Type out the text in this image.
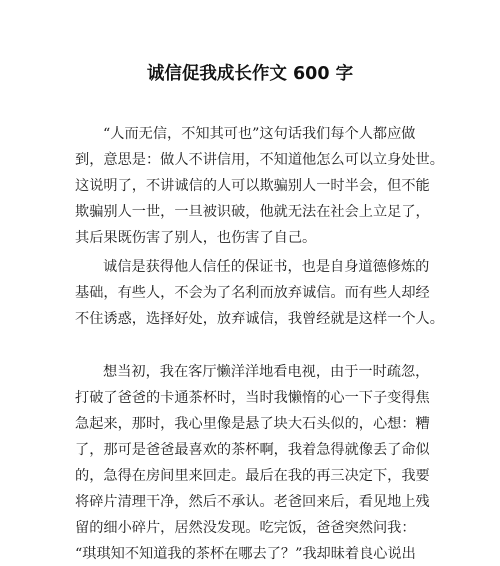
诚信促我成长作文 600 字
“人而无信，不知其可也”这句话我们每个人都应做
到，意思是：做人不讲信用，不知道他怎么可以立身处世。
这说明了，不讲诚信的人可以欺骗别人一时半会，但不能
欺骗别人一世，一旦被识破，他就无法在社会上立足了，
其后果既伤害了别人，也伤害了自己。
诚信是获得他人信任的保证书，也是自身道德修炼的
基础，有些人，不会为了名利而放弃诚信。而有些人却经
不住诱惑，选择好处，放弃诚信，我曾经就是这样一个人。
想当初，我在客厅懒洋洋地看电视，由于一时疏忽，
打破了爸爸的卡通茶杯时，当时我懒惰的心一下子变得焦
急起来，那时，我心里像是悬了块大石头似的，心想：糟
了，那可是爸爸最喜欢的茶杯啊，我着急得就像丢了命似
的，急得在房间里来回走。最后在我的再三决定下，我要
将碎片清理干净，然后不承认。老爸回来后，看见地上残
留的细小碎片，居然没发现。吃完饭，爸爸突然问我：
“琪琪知不知道我的茶杯在哪去了？”我却昧着良心说出
